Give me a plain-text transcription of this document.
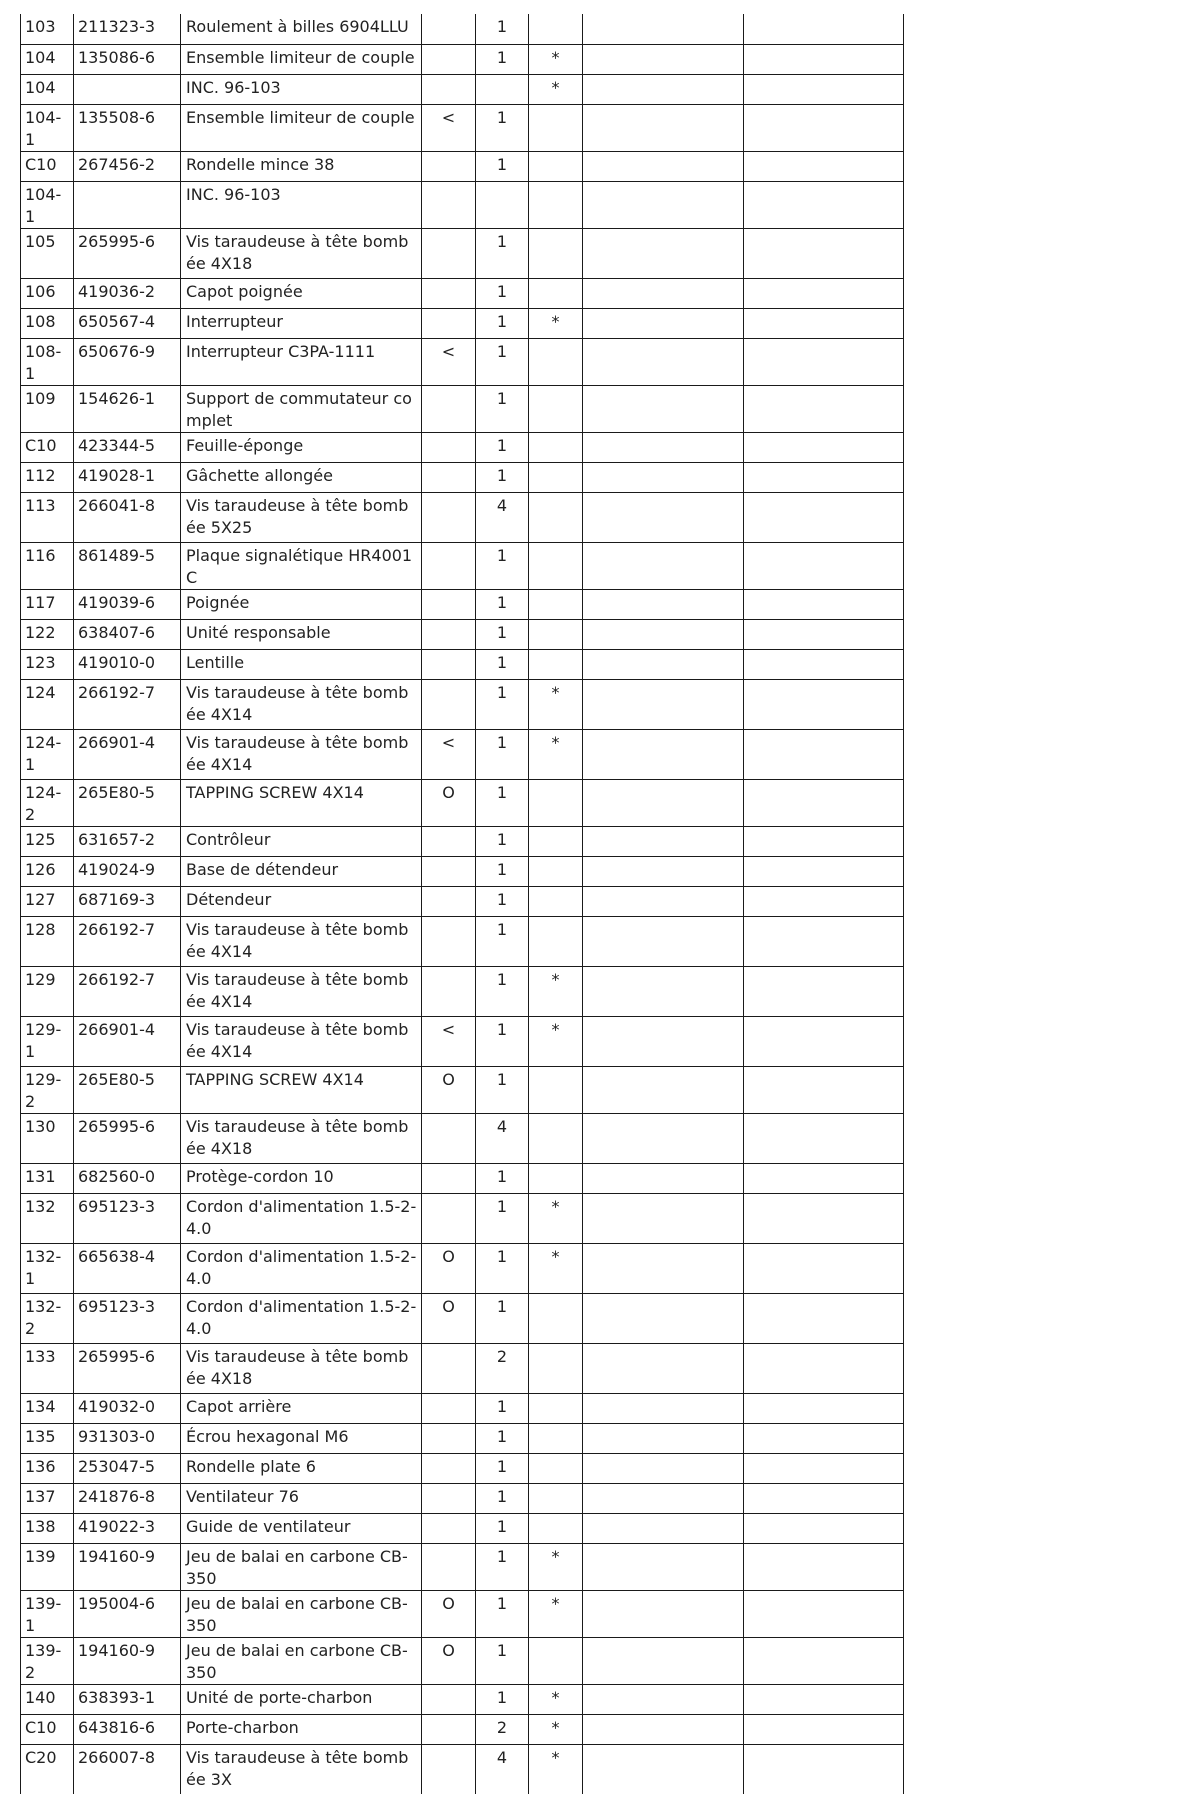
103	211323-3	Roulement à billes 6904LLU		1			
104	135086-6	Ensemble limiteur de couple		1	*		
104		INC. 96-103			*		
104-1	135508-6	Ensemble limiteur de couple	<	1			
C10	267456-2	Rondelle mince 38		1			
104-1		INC. 96-103					
105	265995-6	Vis taraudeuse à tête bombée 4X18		1			
106	419036-2	Capot poignée		1			
108	650567-4	Interrupteur		1	*		
108-1	650676-9	Interrupteur C3PA-1111	<	1			
109	154626-1	Support de commutateur complet		1			
C10	423344-5	Feuille-éponge		1			
112	419028-1	Gâchette allongée		1			
113	266041-8	Vis taraudeuse à tête bombée 5X25		4			
116	861489-5	Plaque signalétique HR4001C		1			
117	419039-6	Poignée		1			
122	638407-6	Unité responsable		1			
123	419010-0	Lentille		1			
124	266192-7	Vis taraudeuse à tête bombée 4X14		1	*		
124-1	266901-4	Vis taraudeuse à tête bombée 4X14	<	1	*		
124-2	265E80-5	TAPPING SCREW 4X14	O	1			
125	631657-2	Contrôleur		1			
126	419024-9	Base de détendeur		1			
127	687169-3	Détendeur		1			
128	266192-7	Vis taraudeuse à tête bombée 4X14		1			
129	266192-7	Vis taraudeuse à tête bombée 4X14		1	*		
129-1	266901-4	Vis taraudeuse à tête bombée 4X14	<	1	*		
129-2	265E80-5	TAPPING SCREW 4X14	O	1			
130	265995-6	Vis taraudeuse à tête bombée 4X18		4			
131	682560-0	Protège-cordon 10		1			
132	695123-3	Cordon d'alimentation 1.5-2-4.0		1	*		
132-1	665638-4	Cordon d'alimentation 1.5-2-4.0	O	1	*		
132-2	695123-3	Cordon d'alimentation 1.5-2-4.0	O	1			
133	265995-6	Vis taraudeuse à tête bombée 4X18		2			
134	419032-0	Capot arrière		1			
135	931303-0	Écrou hexagonal M6		1			
136	253047-5	Rondelle plate 6		1			
137	241876-8	Ventilateur 76		1			
138	419022-3	Guide de ventilateur		1			
139	194160-9	Jeu de balai en carbone CB-350		1	*		
139-1	195004-6	Jeu de balai en carbone CB-350	O	1	*		
139-2	194160-9	Jeu de balai en carbone CB-350	O	1			
140	638393-1	Unité de porte-charbon		1	*		
C10	643816-6	Porte-charbon		2	*		
C20	266007-8	Vis taraudeuse à tête bombée 3X		4	*		
